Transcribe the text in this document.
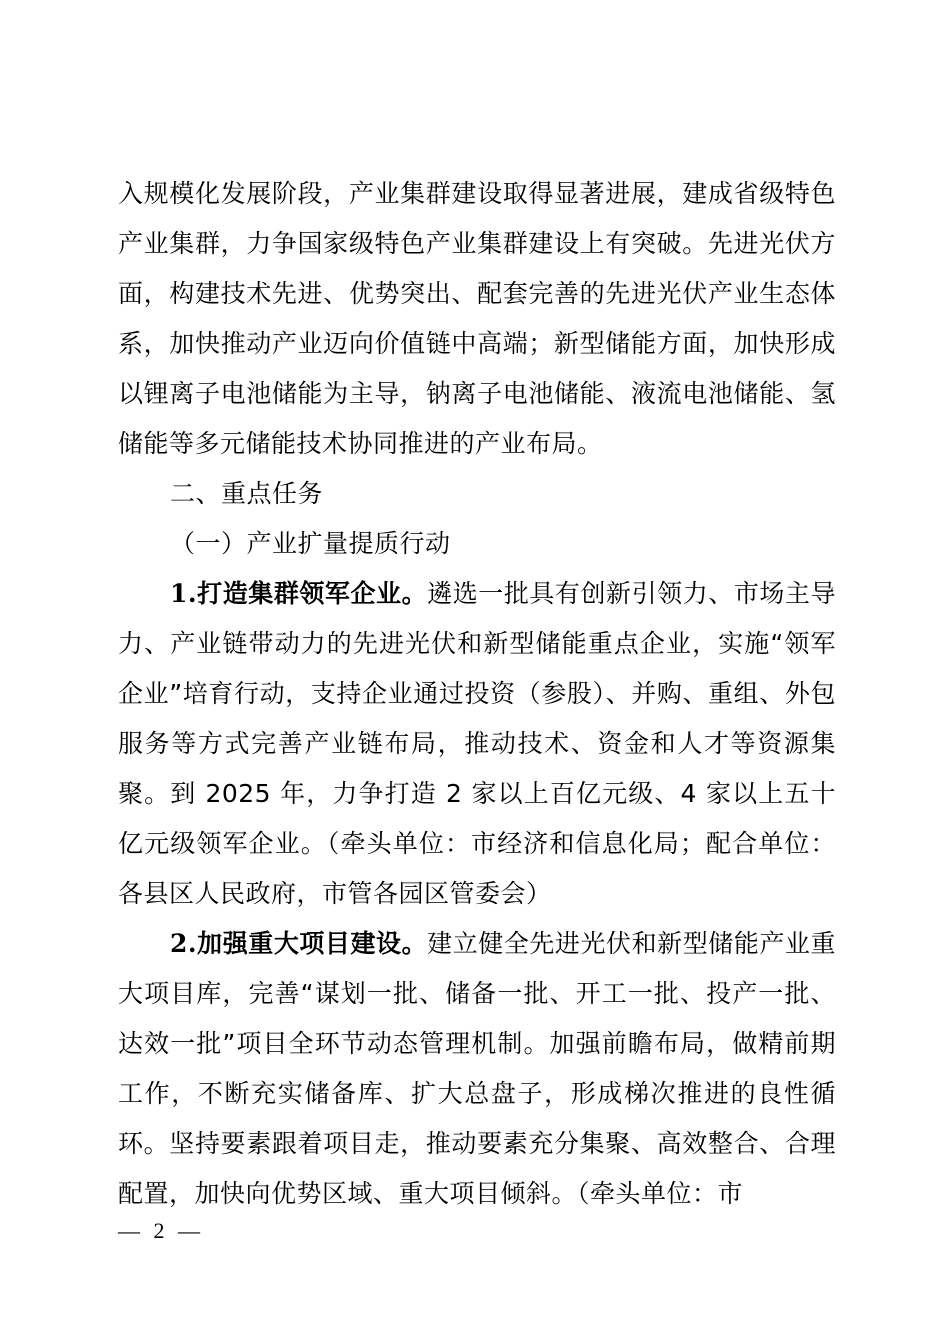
入规模化发展阶段，产业集群建设取得显著进展，建成省级特色产业集群，力争国家级特色产业集群建设上有突破。先进光伏方面，构建技术先进、优势突出、配套完善的先进光伏产业生态体系，加快推动产业迈向价值链中高端；新型储能方面，加快形成以锂离子电池储能为主导，钠离子电池储能、液流电池储能、氢储能等多元储能技术协同推进的产业布局。

二、重点任务

（一）产业扩量提质行动

1.打造集群领军企业。遴选一批具有创新引领力、市场主导力、产业链带动力的先进光伏和新型储能重点企业，实施“领军企业”培育行动，支持企业通过投资（参股）、并购、重组、外包服务等方式完善产业链布局，推动技术、资金和人才等资源集聚。到 2025 年，力争打造 2 家以上百亿元级、4 家以上五十亿元级领军企业。（牵头单位：市经济和信息化局；配合单位：各县区人民政府，市管各园区管委会）

2.加强重大项目建设。建立健全先进光伏和新型储能产业重大项目库，完善“谋划一批、储备一批、开工一批、投产一批、达效一批”项目全环节动态管理机制。加强前瞻布局，做精前期工作，不断充实储备库、扩大总盘子，形成梯次推进的良性循环。坚持要素跟着项目走，推动要素充分集聚、高效整合、合理配置，加快向优势区域、重大项目倾斜。（牵头单位：市

— 2 —
